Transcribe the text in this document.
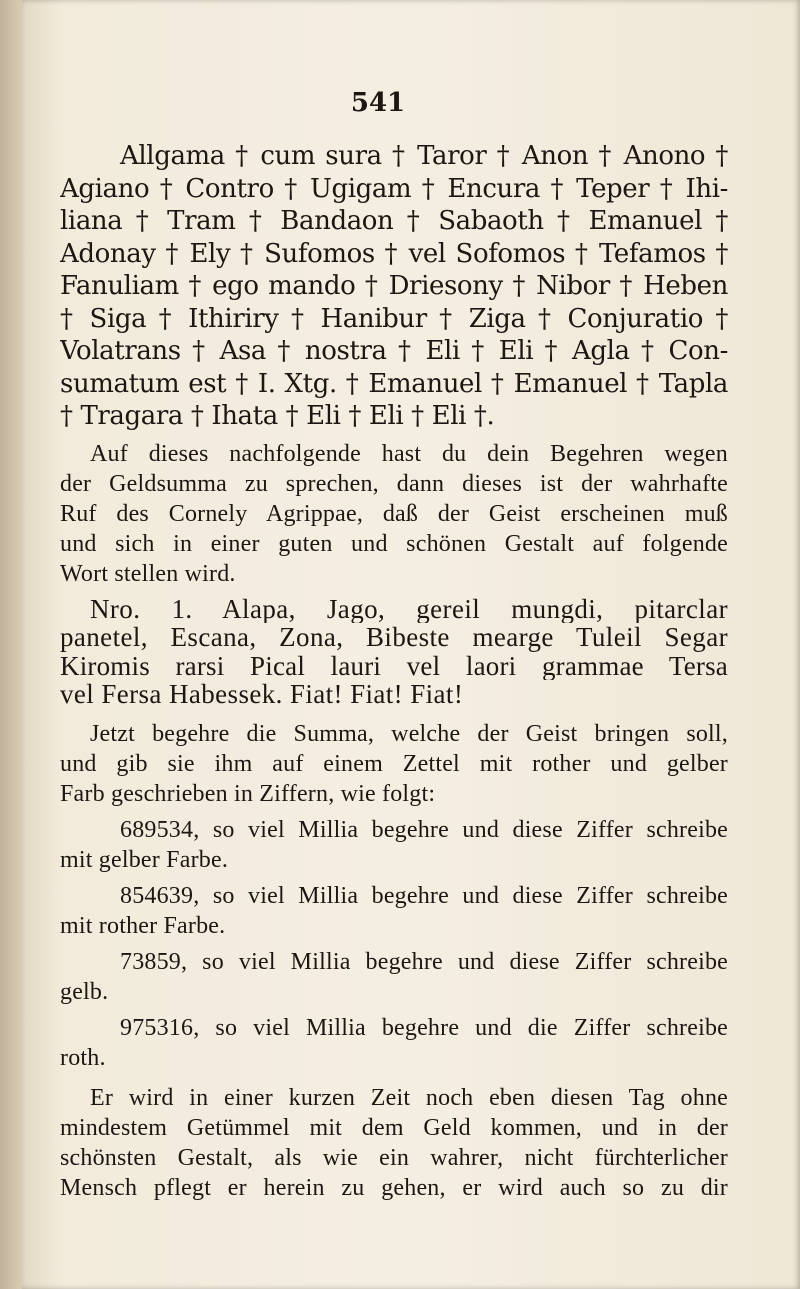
541
Allgama † cum sura † Taror † Anon † Anono †
Agiano † Contro † Ugigam † Encura † Teper † Ihi-
liana † Tram † Bandaon † Sabaoth † Emanuel †
Adonay † Ely † Sufomos † vel Sofomos † Tefamos †
Fanuliam † ego mando † Driesony † Nibor † Heben
† Siga † Ithiriry † Hanibur † Ziga † Conjuratio †
Volatrans † Asa † nostra † Eli † Eli † Agla † Con-
sumatum est † I. Xtg. † Emanuel † Emanuel † Tapla
† Tragara † Ihata † Eli † Eli † Eli †.
Auf dieses nachfolgende hast du dein Begehren wegen
der Geldsumma zu sprechen, dann dieses ist der wahrhafte
Ruf des Cornely Agrippae, daß der Geist erscheinen muß
und sich in einer guten und schönen Gestalt auf folgende
Wort stellen wird.
Nro. 1. Alapa, Jago, gereil mungdi, pitarclar
panetel, Escana, Zona, Bibeste mearge Tuleil Segar
Kiromis rarsi Pical lauri vel laori grammae Tersa
vel Fersa Habessek. Fiat! Fiat! Fiat!
Jetzt begehre die Summa, welche der Geist bringen soll,
und gib sie ihm auf einem Zettel mit rother und gelber
Farb geschrieben in Ziffern, wie folgt:
689534, so viel Millia begehre und diese Ziffer schreibe
mit gelber Farbe.
854639, so viel Millia begehre und diese Ziffer schreibe
mit rother Farbe.
73859, so viel Millia begehre und diese Ziffer schreibe
gelb.
975316, so viel Millia begehre und die Ziffer schreibe
roth.
Er wird in einer kurzen Zeit noch eben diesen Tag ohne
mindestem Getümmel mit dem Geld kommen, und in der
schönsten Gestalt, als wie ein wahrer, nicht fürchterlicher
Mensch pflegt er herein zu gehen, er wird auch so zu dir
